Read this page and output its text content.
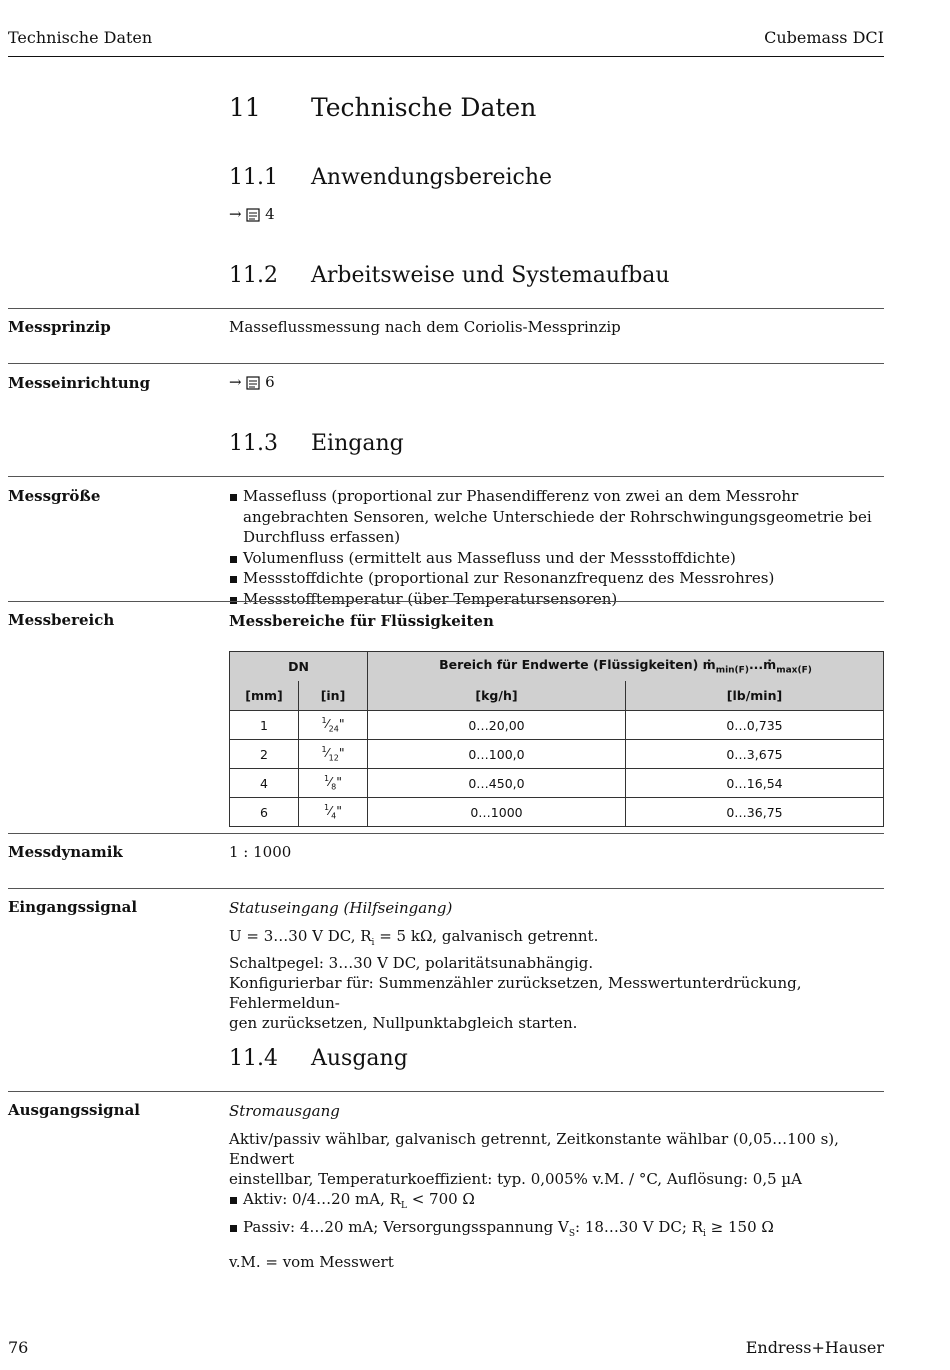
Technische Daten	Cubemass DCI
11 Technische Daten
11.1 Anwendungsbereiche
→ 4
11.2 Arbeitsweise und Systemaufbau
Messprinzip	Masseflussmessung nach dem Coriolis-Messprinzip
Messeinrichtung	→ 6
11.3 Eingang
Messgröße	Massefluss (proportional zur Phasendifferenz von zwei an dem Messrohr angebrachten Sensoren, welche Unterschiede der Rohrschwingungsgeometrie bei Durchfluss erfassen)
Volumenfluss (ermittelt aus Massefluss und der Messstoffdichte)
Messstoffdichte (proportional zur Resonanzfrequenz des Messrohres)
Messstofftemperatur (über Temperatursensoren)
Messbereich	Messbereiche für Flüssigkeiten
DN		Bereich für Endwerte (Flüssigkeiten) ṁ$_{min(F)}$...ṁ$_{max(F)}$
[mm]	[in]	[kg/h]	[lb/min]
1	$^1⁄_{24}$"	0…20,00	0…0,735
2	$^1⁄_{12}$"	0…100,0	0…3,675
4	$^1⁄_8$"	0…450,0	0…16,54
6	$^1⁄_4$"	0…1000	0…36,75
Messdynamik	1 : 1000
Eingangssignal	Statuseingang (Hilfseingang)
U = 3…30 V DC, $R_i = 5$ kΩ, galvanisch getrennt.
Schaltpegel: 3…30 V DC, polaritätsunabhängig.
Konfigurierbar für: Summenzähler zurücksetzen, Messwertunterdrückung, Fehlermeldun-
gen zurücksetzen, Nullpunktabgleich starten.
11.4 Ausgang
Ausgangssignal	Stromausgang
Aktiv/passiv wählbar, galvanisch getrennt, Zeitkonstante wählbar (0,05…100 s), Endwert
einstellbar, Temperaturkoeffizient: typ. 0,005% v.M. / °C, Auflösung: 0,5 µA
Aktiv: 0/4…20 mA, $R_L < 700$ Ω
Passiv: 4…20 mA; Versorgungsspannung $V_S$: 18…30 V DC; $R_i \ge 150$ Ω
v.M. = vom Messwert
76	Endress+Hauser
